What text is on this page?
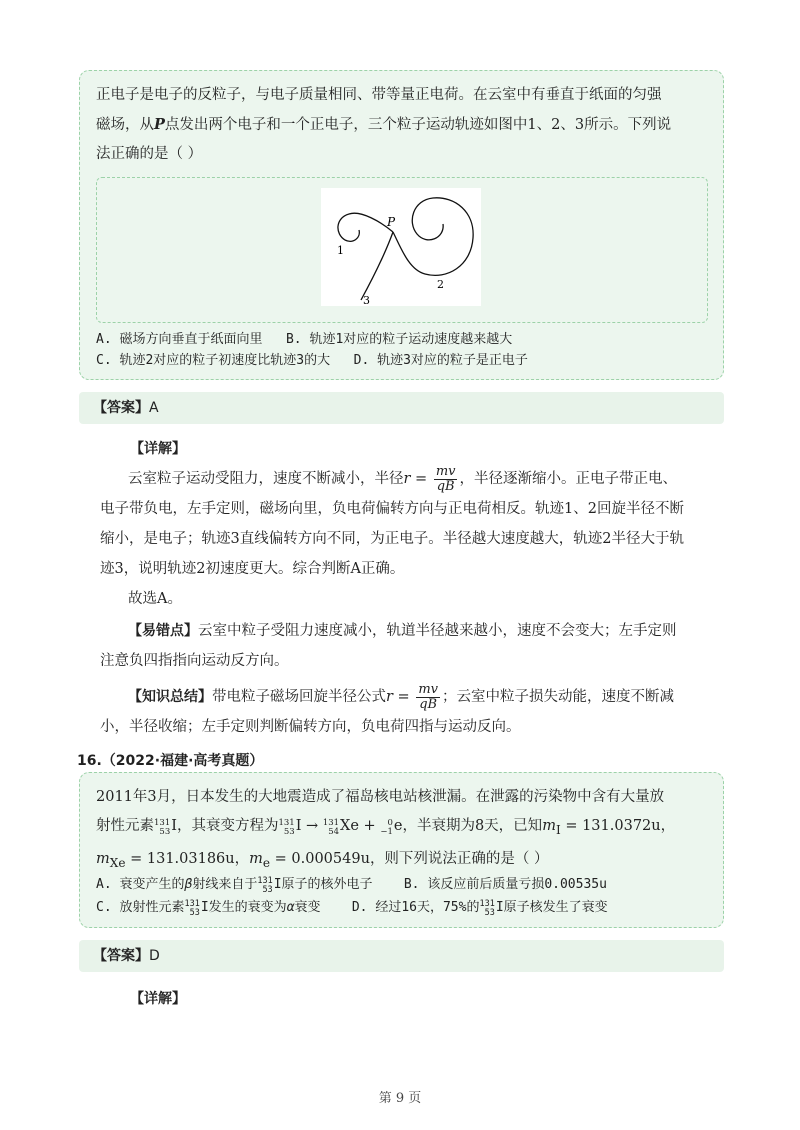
正电子是电子的反粒子，与电子质量相同、带等量正电荷。在云室中有垂直于纸面的匀强

磁场，从P点发出两个电子和一个正电子，三个粒子运动轨迹如图中1、2、3所示。下列说

法正确的是（ ）

P
1
2
3
A. 磁场方向垂直于纸面向里 B. 轨迹1对应的粒子运动速度越来越大
C. 轨迹2对应的粒子初速度比轨迹3的大 D. 轨迹3对应的粒子是正电子
【答案】A

【详解】

云室粒子运动受阻力，速度不断减小，半径$r = \frac{mv}{qB}$ ，半径逐渐缩小。正电子带正电、

电子带负电，左手定则，磁场向里，负电荷偏转方向与正电荷相反。轨迹1、2回旋半径不断

缩小，是电子；轨迹3直线偏转方向不同，为正电子。半径越大速度越大，轨迹2半径大于轨

迹3，说明轨迹2初速度更大。综合判断A正确。

故选A。

【易错点】云室中粒子受阻力速度减小，轨道半径越来越小，速度不会变大；左手定则

注意负四指指向运动反方向。

【知识总结】带电粒子磁场回旋半径公式$r = \frac{mv}{qB}$ ；云室中粒子损失动能，速度不断减

小，半径收缩；左手定则判断偏转方向，负电荷四指与运动反向。

16.（2022·福建·高考真题）

2011年3月，日本发生的大地震造成了福岛核电站核泄漏。在泄露的污染物中含有大量放

射性元素 131
53 I，其衰变方程为 131
53 I → 131
54 Xe + 0
−1 e，半衰期为8天，已知$m_I = 131.0372u$，

$m_{Xe} = 131.03186u$，$m_e = 0.000549u$，则下列说法正确的是（ ）

A. 衰变产生的β射线来自于 131
53 I原子的核外电子 B. 该反应前后质量亏损0.00535u
C. 放射性元素 131
53 I发生的衰变为α衰变 D. 经过16天，75%的 131
53 I原子核发生了衰变
【答案】D

【详解】

第 9 页
